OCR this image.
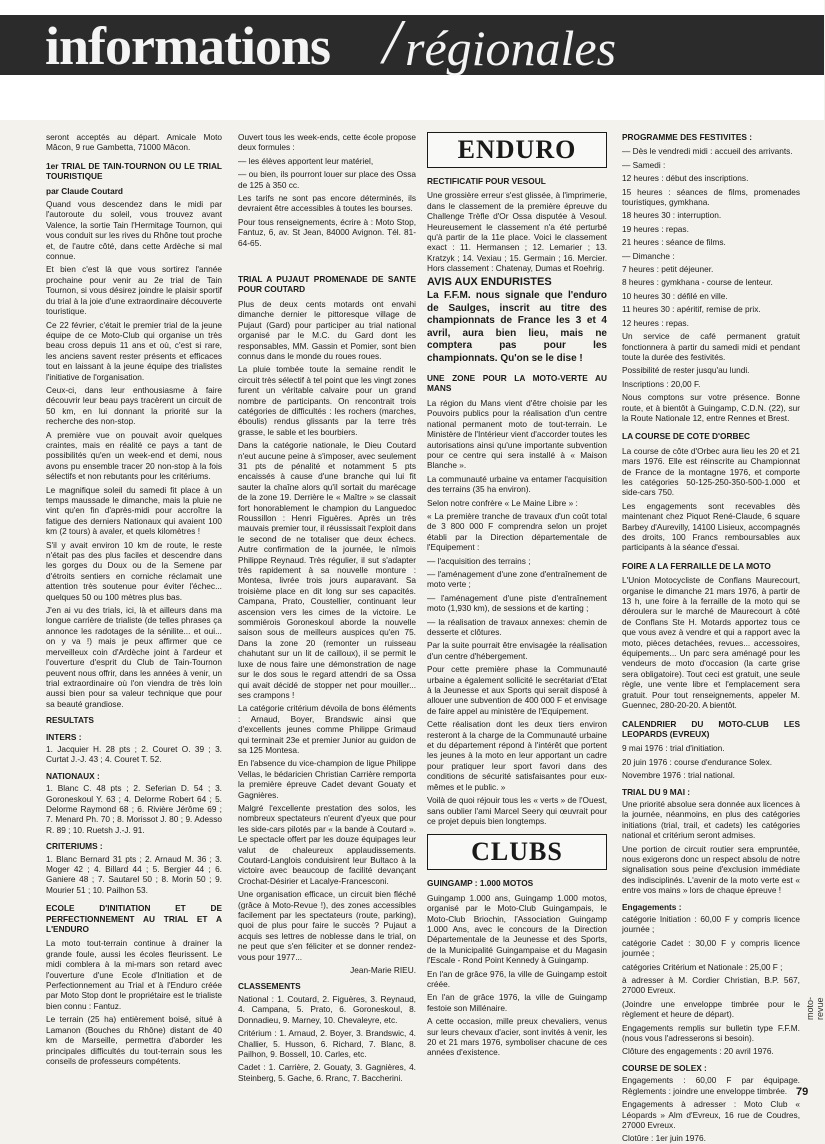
informations / régionales

seront acceptés au départ. Amicale Moto Mâcon, 9 rue Gambetta, 71000 Mâcon.

1er TRIAL DE TAIN-TOURNON OU LE TRIAL TOURISTIQUE

par Claude Coutard

Quand vous descendez dans le midi par l'autoroute du soleil, vous trouvez avant Valence, la sortie Tain l'Hermitage Tournon, qui vous conduit sur les rives du Rhône tout proche et, de l'autre côté, dans cette Ardèche si mal connue.

Et bien c'est là que vous sortirez l'année prochaine pour venir au 2e trial de Tain Tournon, si vous désirez joindre le plaisir sportif du trial à la joie d'une extraordinaire découverte touristique.

Ce 22 février, c'était le premier trial de la jeune équipe de ce Moto-Club qui organise un très beau cross depuis 11 ans et où, c'est si rare, les anciens savent rester présents et efficaces tout en laissant à la jeune équipe des trialistes l'initiative de l'organisation.

Ceux-ci, dans leur enthousiasme à faire découvrir leur beau pays tracèrent un circuit de 50 km, en lui donnant la priorité sur la recherche des non-stop.

A première vue on pouvait avoir quelques craintes, mais en réalité ce pays a tant de possibilités qu'en un week-end et demi, nous avons pu ensemble tracer 20 non-stop à la fois sélectifs et non rebutants pour les critériums.

Le magnifique soleil du samedi fit place à un temps maussade le dimanche, mais la pluie ne vint qu'en fin d'après-midi pour accroître la fatigue des derniers Nationaux qui avaient 100 km (2 tours) à avaler, et quels kilomètres !

S'il y avait environ 10 km de route, le reste n'était pas des plus faciles et descendre dans les gorges du Doux ou de la Semene par d'étroits sentiers en corniche réclamait une attention très soutenue pour éviter l'échec... quelques 50 ou 100 mètres plus bas.

J'en ai vu des trials, ici, là et ailleurs dans ma longue carrière de trialiste (de telles phrases ça annonce les radotages de la sénilite... et oui... on y va !) mais je peux affirmer que ce merveilleux coin d'Ardèche joint à l'ardeur et l'ouverture d'esprit du Club de Tain-Tournon peuvent nous offrir, dans les années à venir, un trial extraordinaire où l'on viendra de très loin aussi bien pour sa valeur technique que pour sa beauté grandiose.

RESULTATS

INTERS :

1. Jacquier H. 28 pts ; 2. Couret O. 39 ; 3. Curtat J.-J. 43 ; 4. Couret T. 52.

NATIONAUX :

1. Blanc C. 48 pts ; 2. Seferian D. 54 ; 3. Goroneskoul Y. 63 ; 4. Delorme Robert 64 ; 5. Delorme Raymond 68 ; 6. Rivière Jérôme 69 ; 7. Menard Ph. 70 ; 8. Morissot J. 80 ; 9. Adesso R. 89 ; 10. Ruetsh J.-J. 91.

CRITERIUMS :

1. Blanc Bernard 31 pts ; 2. Arnaud M. 36 ; 3. Moger 42 ; 4. Billard 44 ; 5. Bergier 44 ; 6. Ganiere 48 ; 7. Sautarel 50 ; 8. Morin 50 ; 9. Mourier 51 ; 10. Pailhon 53.

ECOLE D'INITIATION ET DE PERFECTIONNEMENT AU TRIAL ET A L'ENDURO

La moto tout-terrain continue à drainer la grande foule, aussi les écoles fleurissent. Le midi comblera à la mi-mars son retard avec l'ouverture d'une Ecole d'Initiation et de Perfectionnement au Trial et à l'Enduro créée par Moto Stop dont le propriétaire est le trialiste bien connu : Fantuz.

Le terrain (25 ha) entièrement boisé, situé à Lamanon (Bouches du Rhône) distant de 40 km de Marseille, permettra d'aborder les principales difficultés du tout-terrain sous les conseils de professeurs compétents.

Ouvert tous les week-ends, cette école propose deux formules :

— les élèves apportent leur matériel,

— ou bien, ils pourront louer sur place des Ossa de 125 à 350 cc.

Les tarifs ne sont pas encore déterminés, ils devraient être accessibles à toutes les bourses.

Pour tous renseignements, écrire à : Moto Stop, Fantuz, 6, av. St Jean, 84000 Avignon. Tél. 81-64-65.

TRIAL A PUJAUT PROMENADE DE SANTE POUR COUTARD

Plus de deux cents motards ont envahi dimanche dernier le pittoresque village de Pujaut (Gard) pour participer au trial national organisé par le M.C. du Gard dont les responsables, MM. Gassin et Pomier, sont bien connus dans le monde du roues roues.

La pluie tombée toute la semaine rendit le circuit très sélectif à tel point que les vingt zones furent un véritable calvaire pour un grand nombre de participants. On rencontrait trois catégories de difficultés : les rochers (marches, éboulis) rendus glissants par la terre très grasse, le sable et les bourbiers.

Dans la catégorie nationale, le Dieu Coutard n'eut aucune peine à s'imposer, avec seulement 31 pts de pénalité et notamment 5 pts encaissés à cause d'une branche qui lui fit sauter la chaîne alors qu'il sortait du marécage de la zone 19. Derrière le « Maître » se classait fort honorablement le champion du Languedoc Roussillon : Henri Figuères. Après un très mauvais premier tour, il réussissait l'exploit dans le second de ne totaliser que deux échecs. Autre confirmation de la journée, le nîmois Philippe Reynaud. Très régulier, il sut s'adapter très rapidement à sa nouvelle monture : Montesa, livrée trois jours auparavant. Sa troisième place en dit long sur ses capacités. Campana, Prato, Coustellier, continuant leur ascension vers les cimes de la victoire. Le sommiérois Goroneskoul aborde la nouvelle saison sous de meilleurs auspices qu'en 75. Dans la zone 20 (remonter un ruisseau chahutant sur un lit de cailloux), il se permit le luxe de nous faire une démonstration de nage sur le dos sous le regard attendri de sa Ossa qui avait décidé de stopper net pour mouiller... ses crampons !

La catégorie critérium dévoila de bons éléments : Arnaud, Boyer, Brandswic ainsi que d'excellents jeunes comme Philippe Grimaud qui terminait 23e et premier Junior au guidon de sa 125 Montesa.

En l'absence du vice-champion de ligue Philippe Vellas, le bédaricien Christian Carrière remporta la première épreuve Cadet devant Gouaty et Gagnières.

Malgré l'excellente prestation des solos, les nombreux spectateurs n'eurent d'yeux que pour les side-cars pilotés par « la bande à Coutard ». Le spectacle offert par les douze équipages leur valut de chaleureux applaudissements. Coutard-Langlois conduisirent leur Bultaco à la victoire avec beaucoup de facilité devançant Crochat-Désirier et Lacalye-Francesconi.

Une organisation efficace, un circuit bien fléché (grâce à Moto-Revue !), des zones accessibles facilement par les spectateurs (route, parking), quoi de plus pour faire le succès ? Pujaut a acquis ses lettres de noblesse dans le trial, on ne peut que s'en féliciter et se donner rendez-vous pour 1977...

Jean-Marie RIEU.

CLASSEMENTS

National : 1. Coutard, 2. Figuères, 3. Reynaud, 4. Campana, 5. Prato, 6. Goroneskoul, 8. Donnadieu, 9. Marney, 10. Chevaleyre, etc.

Critérium : 1. Arnaud, 2. Boyer, 3. Brandswic, 4. Challier, 5. Husson, 6. Richard, 7. Blanc, 8. Pailhon, 9. Bossell, 10. Carles, etc.

Cadet : 1. Carrière, 2. Gouaty, 3. Gagnières, 4. Steinberg, 5. Gache, 6. Rranc, 7. Baccherini.

ENDURO
RECTIFICATIF POUR VESOUL

Une grossière erreur s'est glissée, à l'imprimerie, dans le classement de la première épreuve du Challenge Trèfle d'Or Ossa disputée à Vesoul. Heureusement le classement n'a été perturbé qu'à partir de la 11e place. Voici le classement exact : 11. Hermansen ; 12. Lemarier ; 13. Kratzyk ; 14. Vexiau ; 15. Germain ; 16. Mercier. Hors classement : Chatenay, Dumas et Roehrig.

AVIS AUX ENDURISTES

La F.F.M. nous signale que l'enduro de Saulges, inscrit au titre des championnats de France les 3 et 4 avril, aura bien lieu, mais ne comptera pas pour les championnats. Qu'on se le dise !

UNE ZONE POUR LA MOTO-VERTE AU MANS

La région du Mans vient d'être choisie par les Pouvoirs publics pour la réalisation d'un centre national permanent moto de tout-terrain. Le Ministère de l'Intérieur vient d'accorder toutes les autorisations ainsi qu'une importante subvention pour ce centre qui sera installé à « Maison Blanche ».

La communauté urbaine va entamer l'acquisition des terrains (35 ha environ).

Selon notre confrère « Le Maine Libre » :

« La première tranche de travaux d'un coût total de 3 800 000 F comprendra selon un projet établi par la Direction départementale de l'Equipement :

— l'acquisition des terrains ;

— l'aménagement d'une zone d'entraînement de moto verte ;

— l'aménagement d'une piste d'entraînement moto (1,930 km), de sessions et de karting ;

— la réalisation de travaux annexes: chemin de desserte et clôtures.

Par la suite pourrait être envisagée la réalisation d'un centre d'hébergement.

Pour cette première phase la Communauté urbaine a également sollicité le secrétariat d'Etat à la Jeunesse et aux Sports qui serait disposé à allouer une subvention de 400 000 F et envisage de faire appel au ministère de l'Equipement.

Cette réalisation dont les deux tiers environ resteront à la charge de la Communauté urbaine et du département répond à l'intérêt que portent les jeunes à la moto en leur apportant un cadre pour pratiquer leur sport favori dans des conditions de sécurité satisfaisantes pour eux-mêmes et le public. »

Voilà de quoi réjouir tous les « verts » de l'Ouest, sans oublier l'ami Marcel Seery qui œuvrait pour ce projet depuis bien longtemps.

CLUBS
GUINGAMP : 1.000 MOTOS

Guingamp 1.000 ans, Guingamp 1.000 motos, organisé par le Moto-Club Guingampais, le Moto-Club Briochin, l'Association Guingamp 1.000 Ans, avec le concours de la Direction Départementale de la Jeunesse et des Sports, de la Municipalité Guingampaise et du Magasin l'Escale - Rond Point Kennedy à Guingamp.

En l'an de grâce 976, la ville de Guingamp estoit créée.

En l'an de grâce 1976, la ville de Guingamp festoie son Millénaire.

A cette occasion, mille preux chevaliers, venus sur leurs chevaux d'acier, sont invités à venir, les 20 et 21 mars 1976, symboliser chacune de ces années d'existence.

PROGRAMME DES FESTIVITES :

— Dès le vendredi midi : accueil des arrivants.

— Samedi :

12 heures : début des inscriptions.

15 heures : séances de films, promenades touristiques, gymkhana.

18 heures 30 : interruption.

19 heures : repas.

21 heures : séance de films.

— Dimanche :

7 heures : petit déjeuner.

8 heures : gymkhana - course de lenteur.

10 heures 30 : défilé en ville.

11 heures 30 : apéritif, remise de prix.

12 heures : repas.

Un service de café permanent gratuit fonctionnera à partir du samedi midi et pendant toute la durée des festivités.

Possibilité de rester jusqu'au lundi.

Inscriptions : 20,00 F.

Nous comptons sur votre présence. Bonne route, et à bientôt à Guingamp, C.D.N. (22), sur la Route Nationale 12, entre Rennes et Brest.

LA COURSE DE COTE D'ORBEC

La course de côte d'Orbec aura lieu les 20 et 21 mars 1976. Elle est réinscrite au Championnat de France de la montagne 1976, et comporte les catégories 50-125-250-350-500-1.000 et side-cars 750.

Les engagements sont recevables dès maintenant chez Piquot René-Claude, 6 square Barbey d'Aurevilly, 14100 Lisieux, accompagnés des droits, 100 Francs remboursables aux participants à la séance d'essai.

FOIRE A LA FERRAILLE DE LA MOTO

L'Union Motocycliste de Conflans Maurecourt, organise le dimanche 21 mars 1976, à partir de 13 h, une foire à la ferraille de la moto qui se déroulera sur le marché de Maurecourt à côté de Conflans Ste H. Motards apportez tous ce que vous avez à vendre et qui a rapport avec la moto, pièces detachées, revues... accessoires, équipements... Un parc sera aménagé pour les vendeurs de moto d'occasion (la carte grise sera obligatoire). Tout ceci est gratuit, une seule règle, une vente libre et l'emplacement sera gratuit. Pour tout renseignements, appeler M. Guennec, 280-20-20. A bientôt.

CALENDRIER DU MOTO-CLUB LES LEOPARDS (EVREUX)

9 mai 1976 : trial d'initiation.

20 juin 1976 : course d'endurance Solex.

Novembre 1976 : trial national.

TRIAL DU 9 MAI :

Une priorité absolue sera donnée aux licences à la journée, néanmoins, en plus des catégories initiations (trial, trail, et cadets) les catégories national et critérium seront admises.

Une portion de circuit routier sera empruntée, nous exigerons donc un respect absolu de notre signalisation sous peine d'exclusion immédiate des indisciplinés. L'avenir de la moto verte est « entre vos mains » lors de chaque épreuve !

Engagements :

catégorie Initiation : 60,00 F y compris licence journée ;

catégorie Cadet : 30,00 F y compris licence journée ;

catégories Critérium et Nationale : 25,00 F ;

à adresser à M. Cordier Christian, B.P. 567, 27000 Evreux.

(Joindre une enveloppe timbrée pour le règlement et heure de départ).

Engagements remplis sur bulletin type F.F.M. (nous vous l'adresserons si besoin).

Clôture des engagements : 20 avril 1976.

COURSE DE SOLEX :

Engagements : 60,00 F par équipage. Règlements : joindre une enveloppe timbrée.

Engagements à adresser : Moto Club « Léopards » Alm d'Evreux, 16 rue de Coudres, 27000 Evreux.

Clotûre : 1er juin 1976.

moto-revue
79
